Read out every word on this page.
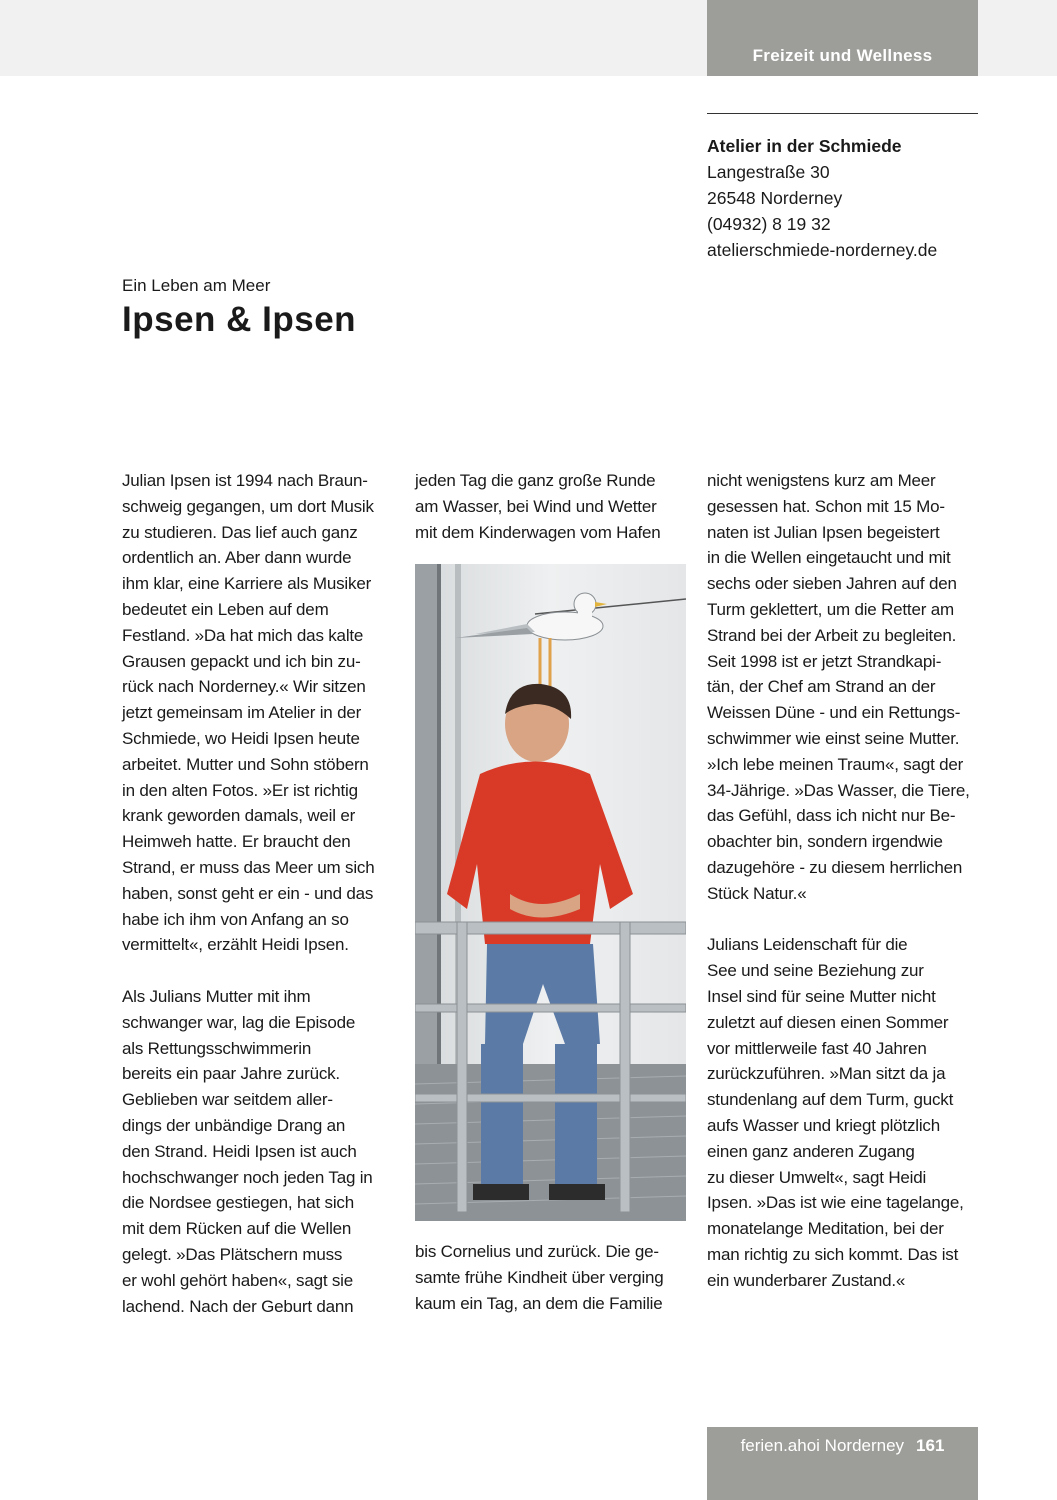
Freizeit und Wellness
Atelier in der Schmiede
Langestraße 30
26548 Norderney
(04932) 8 19 32
atelierschmiede-norderney.de
Ein Leben am Meer
Ipsen & Ipsen
Julian Ipsen ist 1994 nach Braun-
schweig gegangen, um dort Musik
zu studieren. Das lief auch ganz
ordentlich an. Aber dann wurde
ihm klar, eine Karriere als Musiker
bedeutet ein Leben auf dem
Festland. »Da hat mich das kalte
Grausen gepackt und ich bin zu-
rück nach Norderney.« Wir sitzen
jetzt gemeinsam im Atelier in der
Schmiede, wo Heidi Ipsen heute
arbeitet. Mutter und Sohn stöbern
in den alten Fotos. »Er ist richtig
krank geworden damals, weil er
Heimweh hatte. Er braucht den
Strand, er muss das Meer um sich
haben, sonst geht er ein - und das
habe ich ihm von Anfang an so
vermittelt«, erzählt Heidi Ipsen.

Als Julians Mutter mit ihm
schwanger war, lag die Episode
als Rettungsschwimmerin
bereits ein paar Jahre zurück.
Geblieben war seitdem aller-
dings der unbändige Drang an
den Strand. Heidi Ipsen ist auch
hochschwanger noch jeden Tag in
die Nordsee gestiegen, hat sich
mit dem Rücken auf die Wellen
gelegt. »Das Plätschern muss
er wohl gehört haben«, sagt sie
lachend. Nach der Geburt dann
jeden Tag die ganz große Runde
am Wasser, bei Wind und Wetter
mit dem Kinderwagen vom Hafen
bis Cornelius und zurück. Die ge-
samte frühe Kindheit über verging
kaum ein Tag, an dem die Familie
nicht wenigstens kurz am Meer
gesessen hat. Schon mit 15 Mo-
naten ist Julian Ipsen begeistert
in die Wellen eingetaucht und mit
sechs oder sieben Jahren auf den
Turm geklettert, um die Retter am
Strand bei der Arbeit zu begleiten.
Seit 1998 ist er jetzt Strandkapi-
tän, der Chef am Strand an der
Weissen Düne - und ein Rettungs-
schwimmer wie einst seine Mutter.
»Ich lebe meinen Traum«, sagt der
34-Jährige. »Das Wasser, die Tiere,
das Gefühl, dass ich nicht nur Be-
obachter bin, sondern irgendwie
dazugehöre - zu diesem herrlichen
Stück Natur.«

Julians Leidenschaft für die
See und seine Beziehung zur
Insel sind für seine Mutter nicht
zuletzt auf diesen einen Sommer
vor mittlerweile fast 40 Jahren
zurückzuführen. »Man sitzt da ja
stundenlang auf dem Turm, guckt
aufs Wasser und kriegt plötzlich
einen ganz anderen Zugang
zu dieser Umwelt«, sagt Heidi
Ipsen. »Das ist wie eine tagelange,
monatelange Meditation, bei der
man richtig zu sich kommt. Das ist
ein wunderbarer Zustand.«
ferien.ahoi Norderney 161
